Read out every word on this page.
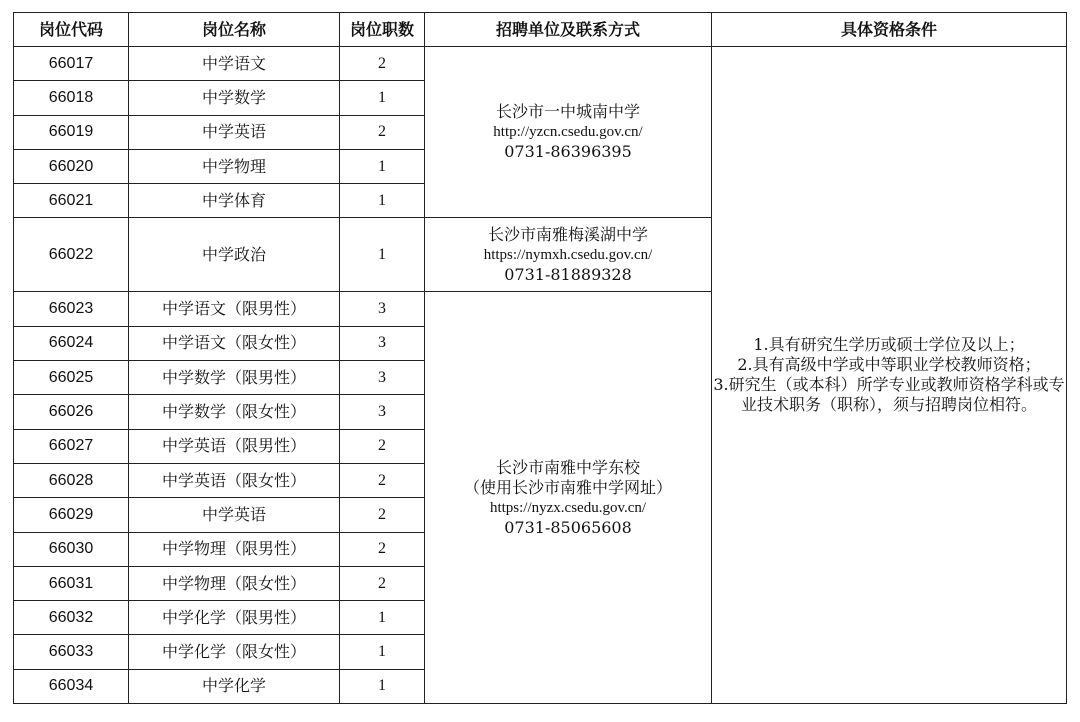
岗位代码	岗位名称	岗位职数	招聘单位及联系方式	具体资格条件
66017	中学语文	2	长沙市一中城南中学
http://yzcn.csedu.gov.cn/
0731-86396395	1.具有研究生学历或硕士学位及以上；
2.具有高级中学或中等职业学校教师资格；
3.研究生（或本科）所学专业或教师资格学科或专业技术职务（职称），须与招聘岗位相符。

66018	中学数学	1		
66019	中学英语	2		
66020	中学物理	1		
66021	中学体育	1		
66022	中学政治	1	长沙市南雅梅溪湖中学
https://nymxh.csedu.gov.cn/
0731-81889328	

66023	中学语文（限男性）	3	长沙市南雅中学东校
（使用长沙市南雅中学网址）
https://nyzx.csedu.gov.cn/
0731-85065608	

66024	中学语文（限女性）	3		
66025	中学数学（限男性）	3		
66026	中学数学（限女性）	3		
66027	中学英语（限男性）	2		
66028	中学英语（限女性）	2		
66029	中学英语	2		
66030	中学物理（限男性）	2		
66031	中学物理（限女性）	2		
66032	中学化学（限男性）	1		
66033	中学化学（限女性）	1		
66034	中学化学	1		
